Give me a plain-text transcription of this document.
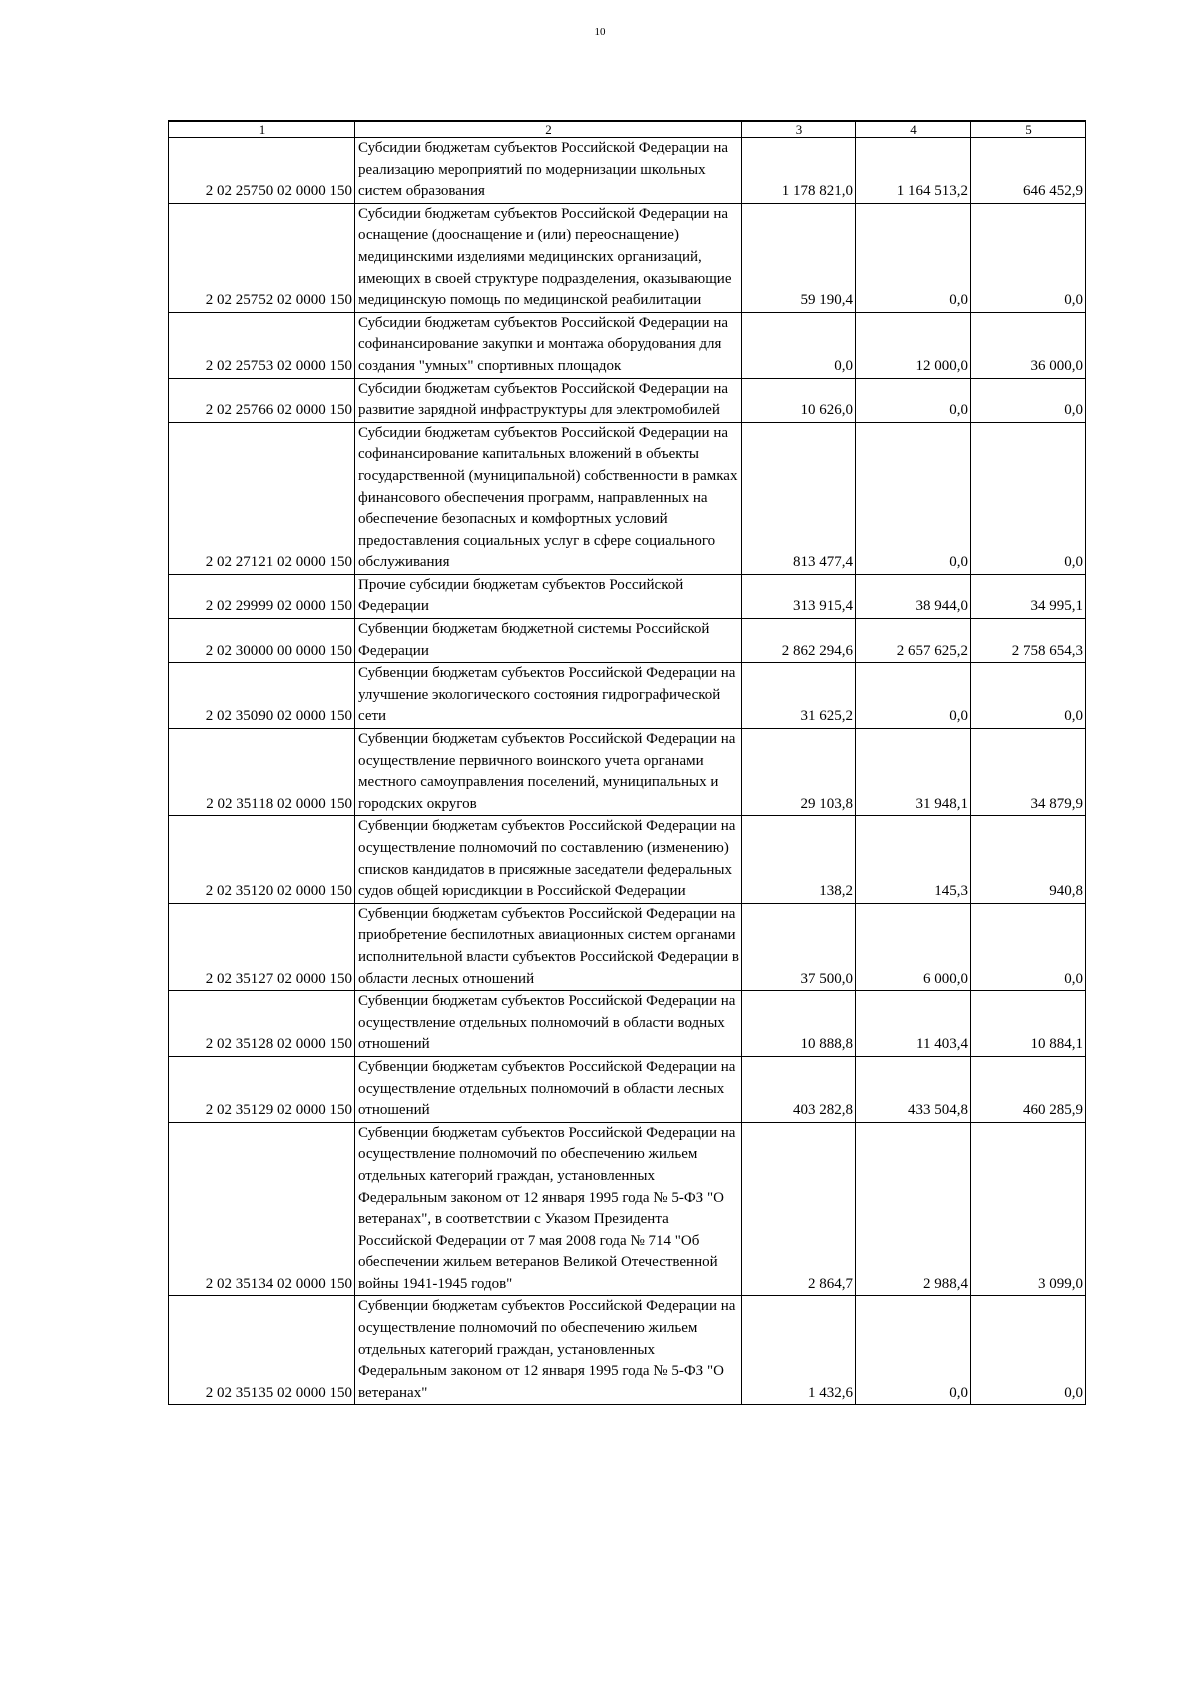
10
1	2	3	4	5
2 02 25750 02 0000 150	Субсидии бюджетам субъектов Российской Федерации на реализацию мероприятий по модернизации школьных систем образования	1 178 821,0	1 164 513,2	646 452,9
2 02 25752 02 0000 150	Субсидии бюджетам субъектов Российской Федерации на оснащение (дооснащение и (или) переоснащение) медицинскими изделиями медицинских организаций, имеющих в своей структуре подразделения, оказывающие медицинскую помощь по медицинской реабилитации	59 190,4	0,0	0,0
2 02 25753 02 0000 150	Субсидии бюджетам субъектов Российской Федерации на софинансирование закупки и монтажа оборудования для создания "умных" спортивных площадок	0,0	12 000,0	36 000,0
2 02 25766 02 0000 150	Субсидии бюджетам субъектов Российской Федерации на развитие зарядной инфраструктуры для электромобилей	10 626,0	0,0	0,0
2 02 27121 02 0000 150	Субсидии бюджетам субъектов Российской Федерации на софинансирование капитальных вложений в объекты государственной (муниципальной) собственности в рамках финансового обеспечения программ, направленных на обеспечение безопасных и комфортных условий предоставления социальных услуг в сфере социального обслуживания	813 477,4	0,0	0,0
2 02 29999 02 0000 150	Прочие субсидии бюджетам субъектов Российской Федерации	313 915,4	38 944,0	34 995,1
2 02 30000 00 0000 150	Субвенции бюджетам бюджетной системы Российской Федерации	2 862 294,6	2 657 625,2	2 758 654,3
2 02 35090 02 0000 150	Субвенции бюджетам субъектов Российской Федерации на улучшение экологического состояния гидрографической сети	31 625,2	0,0	0,0
2 02 35118 02 0000 150	Субвенции бюджетам субъектов Российской Федерации на осуществление первичного воинского учета органами местного самоуправления поселений, муниципальных и городских округов	29 103,8	31 948,1	34 879,9
2 02 35120 02 0000 150	Субвенции бюджетам субъектов Российской Федерации на осуществление полномочий по составлению (изменению) списков кандидатов в присяжные заседатели федеральных судов общей юрисдикции в Российской Федерации	138,2	145,3	940,8
2 02 35127 02 0000 150	Субвенции бюджетам субъектов Российской Федерации на приобретение беспилотных авиационных систем органами исполнительной власти субъектов Российской Федерации в области лесных отношений	37 500,0	6 000,0	0,0
2 02 35128 02 0000 150	Субвенции бюджетам субъектов Российской Федерации на осуществление отдельных полномочий в области водных отношений	10 888,8	11 403,4	10 884,1
2 02 35129 02 0000 150	Субвенции бюджетам субъектов Российской Федерации на осуществление отдельных полномочий в области лесных отношений	403 282,8	433 504,8	460 285,9
2 02 35134 02 0000 150	Субвенции бюджетам субъектов Российской Федерации на осуществление полномочий по обеспечению жильем отдельных категорий граждан, установленных Федеральным законом от 12 января 1995 года № 5-ФЗ "О ветеранах", в соответствии с Указом Президента Российской Федерации от 7 мая 2008 года № 714 "Об обеспечении жильем ветеранов Великой Отечественной войны 1941-1945 годов"	2 864,7	2 988,4	3 099,0
2 02 35135 02 0000 150	Субвенции бюджетам субъектов Российской Федерации на осуществление полномочий по обеспечению жильем отдельных категорий граждан, установленных Федеральным законом от 12 января 1995 года № 5-ФЗ "О ветеранах"	1 432,6	0,0	0,0
